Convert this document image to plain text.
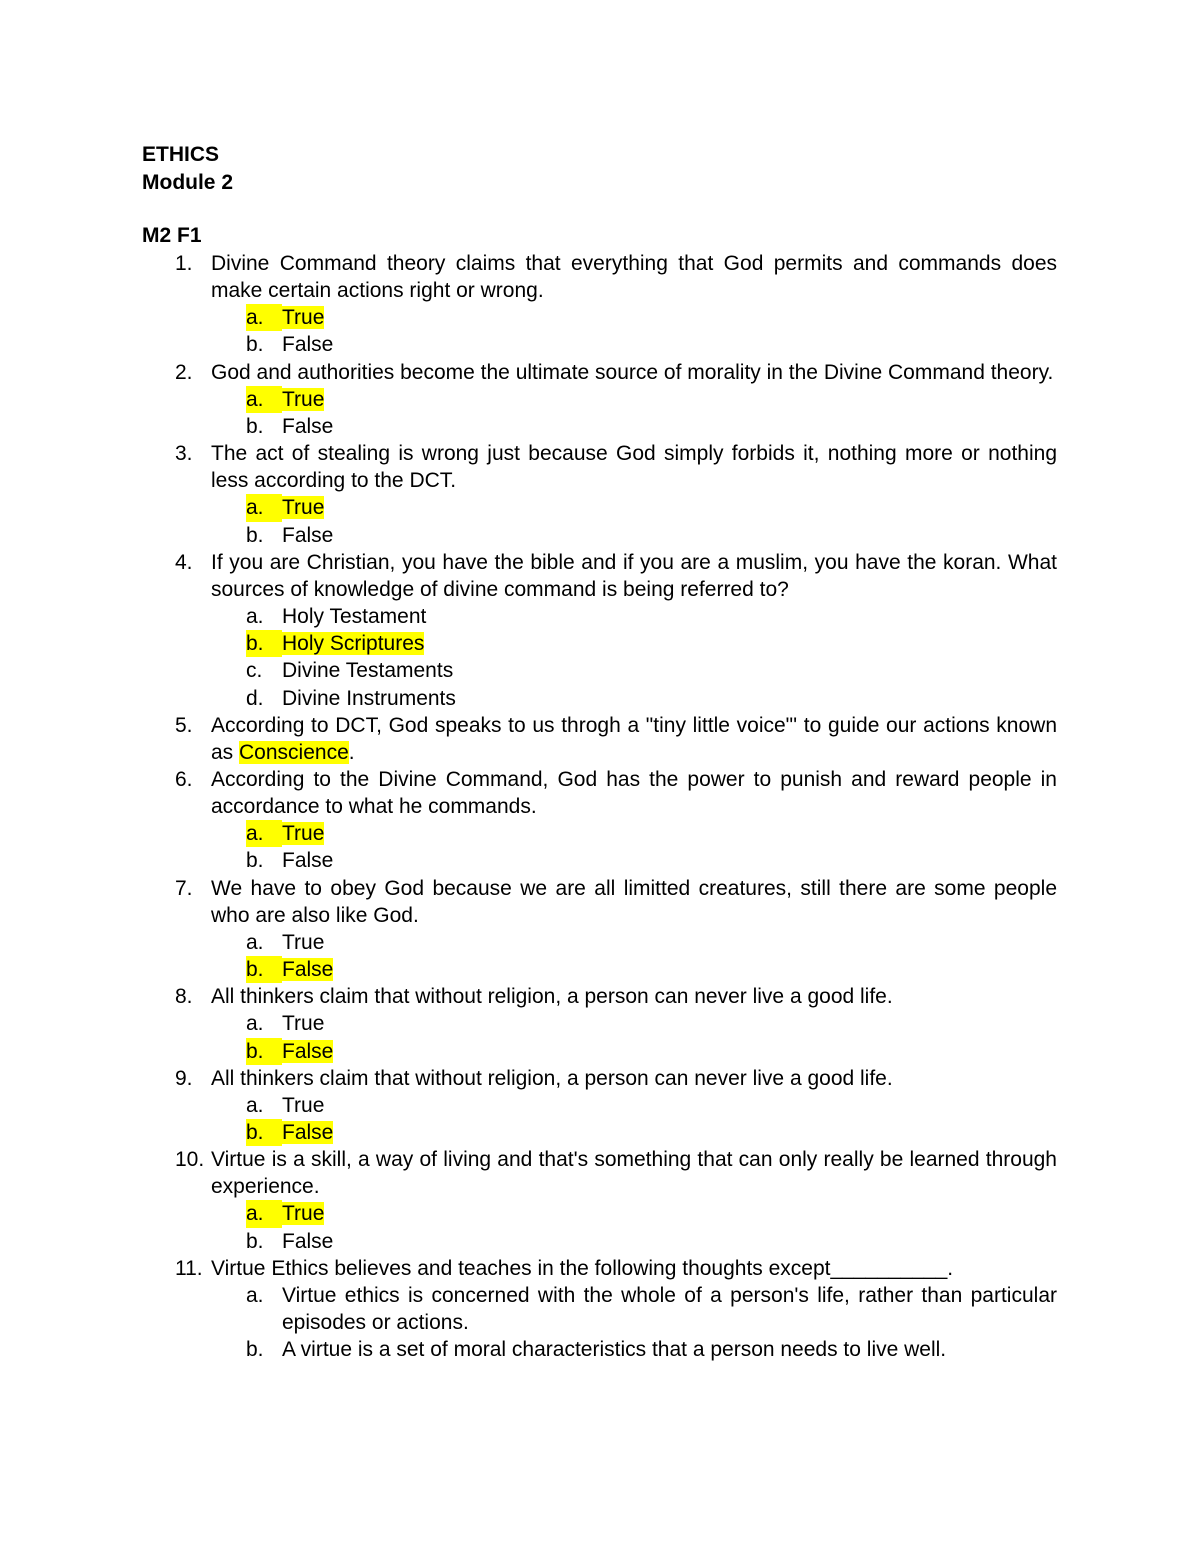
ETHICS
Module 2
M2 F1
1. Divine Command theory claims that everything that God permits and commands does make certain actions right or wrong.
a. True
b. False
2. God and authorities become the ultimate source of morality in the Divine Command theory.
a. True
b. False
3. The act of stealing is wrong just because God simply forbids it, nothing more or nothing less according to the DCT.
a. True
b. False
4. If you are Christian, you have the bible and if you are a muslim, you have the koran. What sources of knowledge of divine command is being referred to?
a. Holy Testament
b. Holy Scriptures
c. Divine Testaments
d. Divine Instruments
5. According to DCT, God speaks to us throgh a "tiny little voice"' to guide our actions known as Conscience.
6. According to the Divine Command, God has the power to punish and reward people in accordance to what he commands.
a. True
b. False
7. We have to obey God because we are all limitted creatures, still there are some people who are also like God.
a. True
b. False
8. All thinkers claim that without religion, a person can never live a good life.
a. True
b. False
9. All thinkers claim that without religion, a person can never live a good life.
a. True
b. False
10. Virtue is a skill, a way of living and that's something that can only really be learned through experience.
a. True
b. False
11. Virtue Ethics believes and teaches in the following thoughts except__________.
a. Virtue ethics is concerned with the whole of a person's life, rather than particular episodes or actions.
b. A virtue is a set of moral characteristics that a person needs to live well.
